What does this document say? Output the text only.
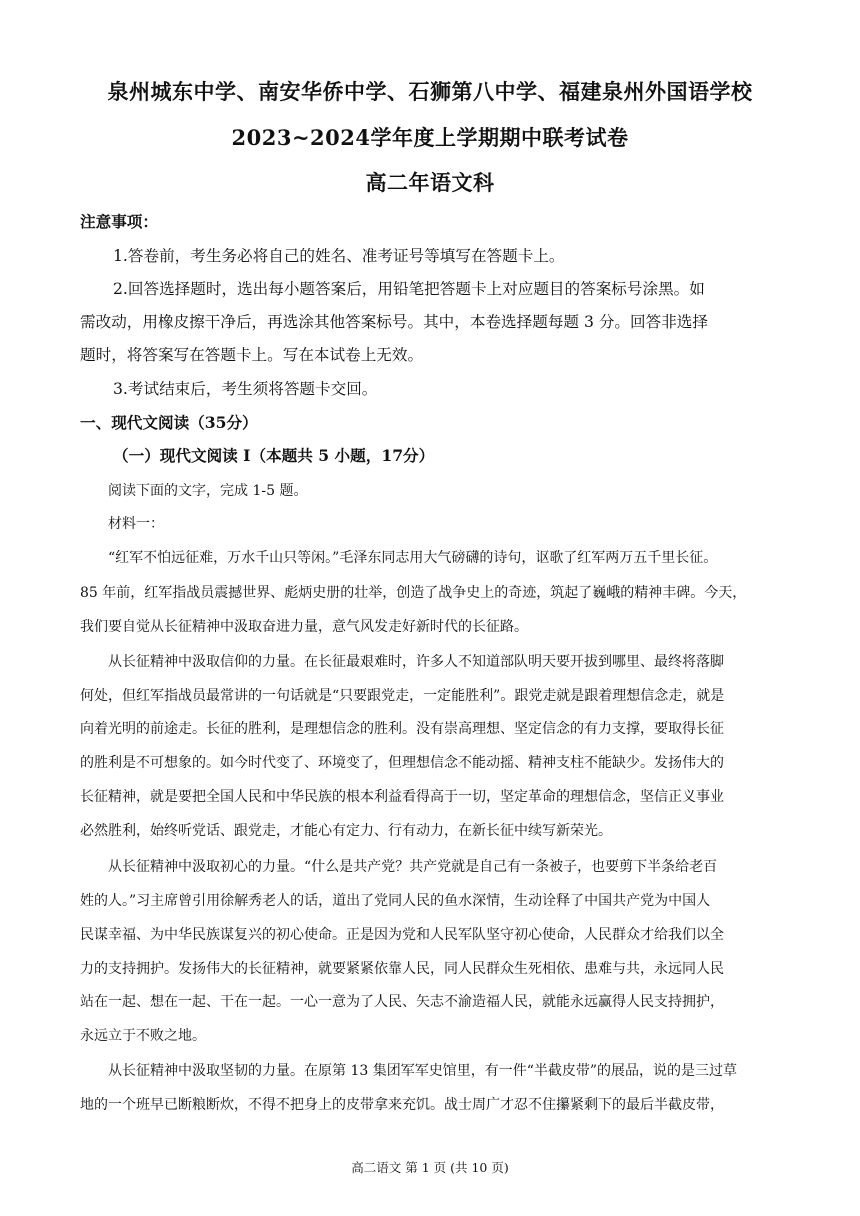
泉州城东中学、南安华侨中学、石狮第八中学、福建泉州外国语学校
2023~2024学年度上学期期中联考试卷
高二年语文科
注意事项：
1.答卷前，考生务必将自己的姓名、准考证号等填写在答题卡上。
2.回答选择题时，选出每小题答案后，用铅笔把答题卡上对应题目的答案标号涂黑。如
需改动，用橡皮擦干净后，再选涂其他答案标号。其中，本卷选择题每题 3 分。回答非选择
题时，将答案写在答题卡上。写在本试卷上无效。
3.考试结束后，考生须将答题卡交回。
一、现代文阅读（35分）
（一）现代文阅读 I（本题共 5 小题，17分）
阅读下面的文字，完成 1-5 题。
材料一：
“红军不怕远征难，万水千山只等闲。”毛泽东同志用大气磅礴的诗句，讴歌了红军两万五千里长征。
85 年前，红军指战员震撼世界、彪炳史册的壮举，创造了战争史上的奇迹，筑起了巍峨的精神丰碑。今天，
我们要自觉从长征精神中汲取奋进力量，意气风发走好新时代的长征路。
从长征精神中汲取信仰的力量。在长征最艰难时，许多人不知道部队明天要开拔到哪里、最终将落脚
何处，但红军指战员最常讲的一句话就是“只要跟党走，一定能胜利”。跟党走就是跟着理想信念走，就是
向着光明的前途走。长征的胜利，是理想信念的胜利。没有崇高理想、坚定信念的有力支撑，要取得长征
的胜利是不可想象的。如今时代变了、环境变了，但理想信念不能动摇、精神支柱不能缺少。发扬伟大的
长征精神，就是要把全国人民和中华民族的根本利益看得高于一切，坚定革命的理想信念，坚信正义事业
必然胜利，始终听党话、跟党走，才能心有定力、行有动力，在新长征中续写新荣光。
从长征精神中汲取初心的力量。“什么是共产党？共产党就是自己有一条被子，也要剪下半条给老百
姓的人。”习主席曾引用徐解秀老人的话，道出了党同人民的鱼水深情，生动诠释了中国共产党为中国人
民谋幸福、为中华民族谋复兴的初心使命。正是因为党和人民军队坚守初心使命，人民群众才给我们以全
力的支持拥护。发扬伟大的长征精神，就要紧紧依靠人民，同人民群众生死相依、患难与共，永远同人民
站在一起、想在一起、干在一起。一心一意为了人民、矢志不渝造福人民，就能永远赢得人民支持拥护，
永远立于不败之地。
从长征精神中汲取坚韧的力量。在原第 13 集团军军史馆里，有一件“半截皮带”的展品，说的是三过草
地的一个班早已断粮断炊，不得不把身上的皮带拿来充饥。战士周广才忍不住攥紧剩下的最后半截皮带，
高二语文 第 1 页 (共 10 页)
